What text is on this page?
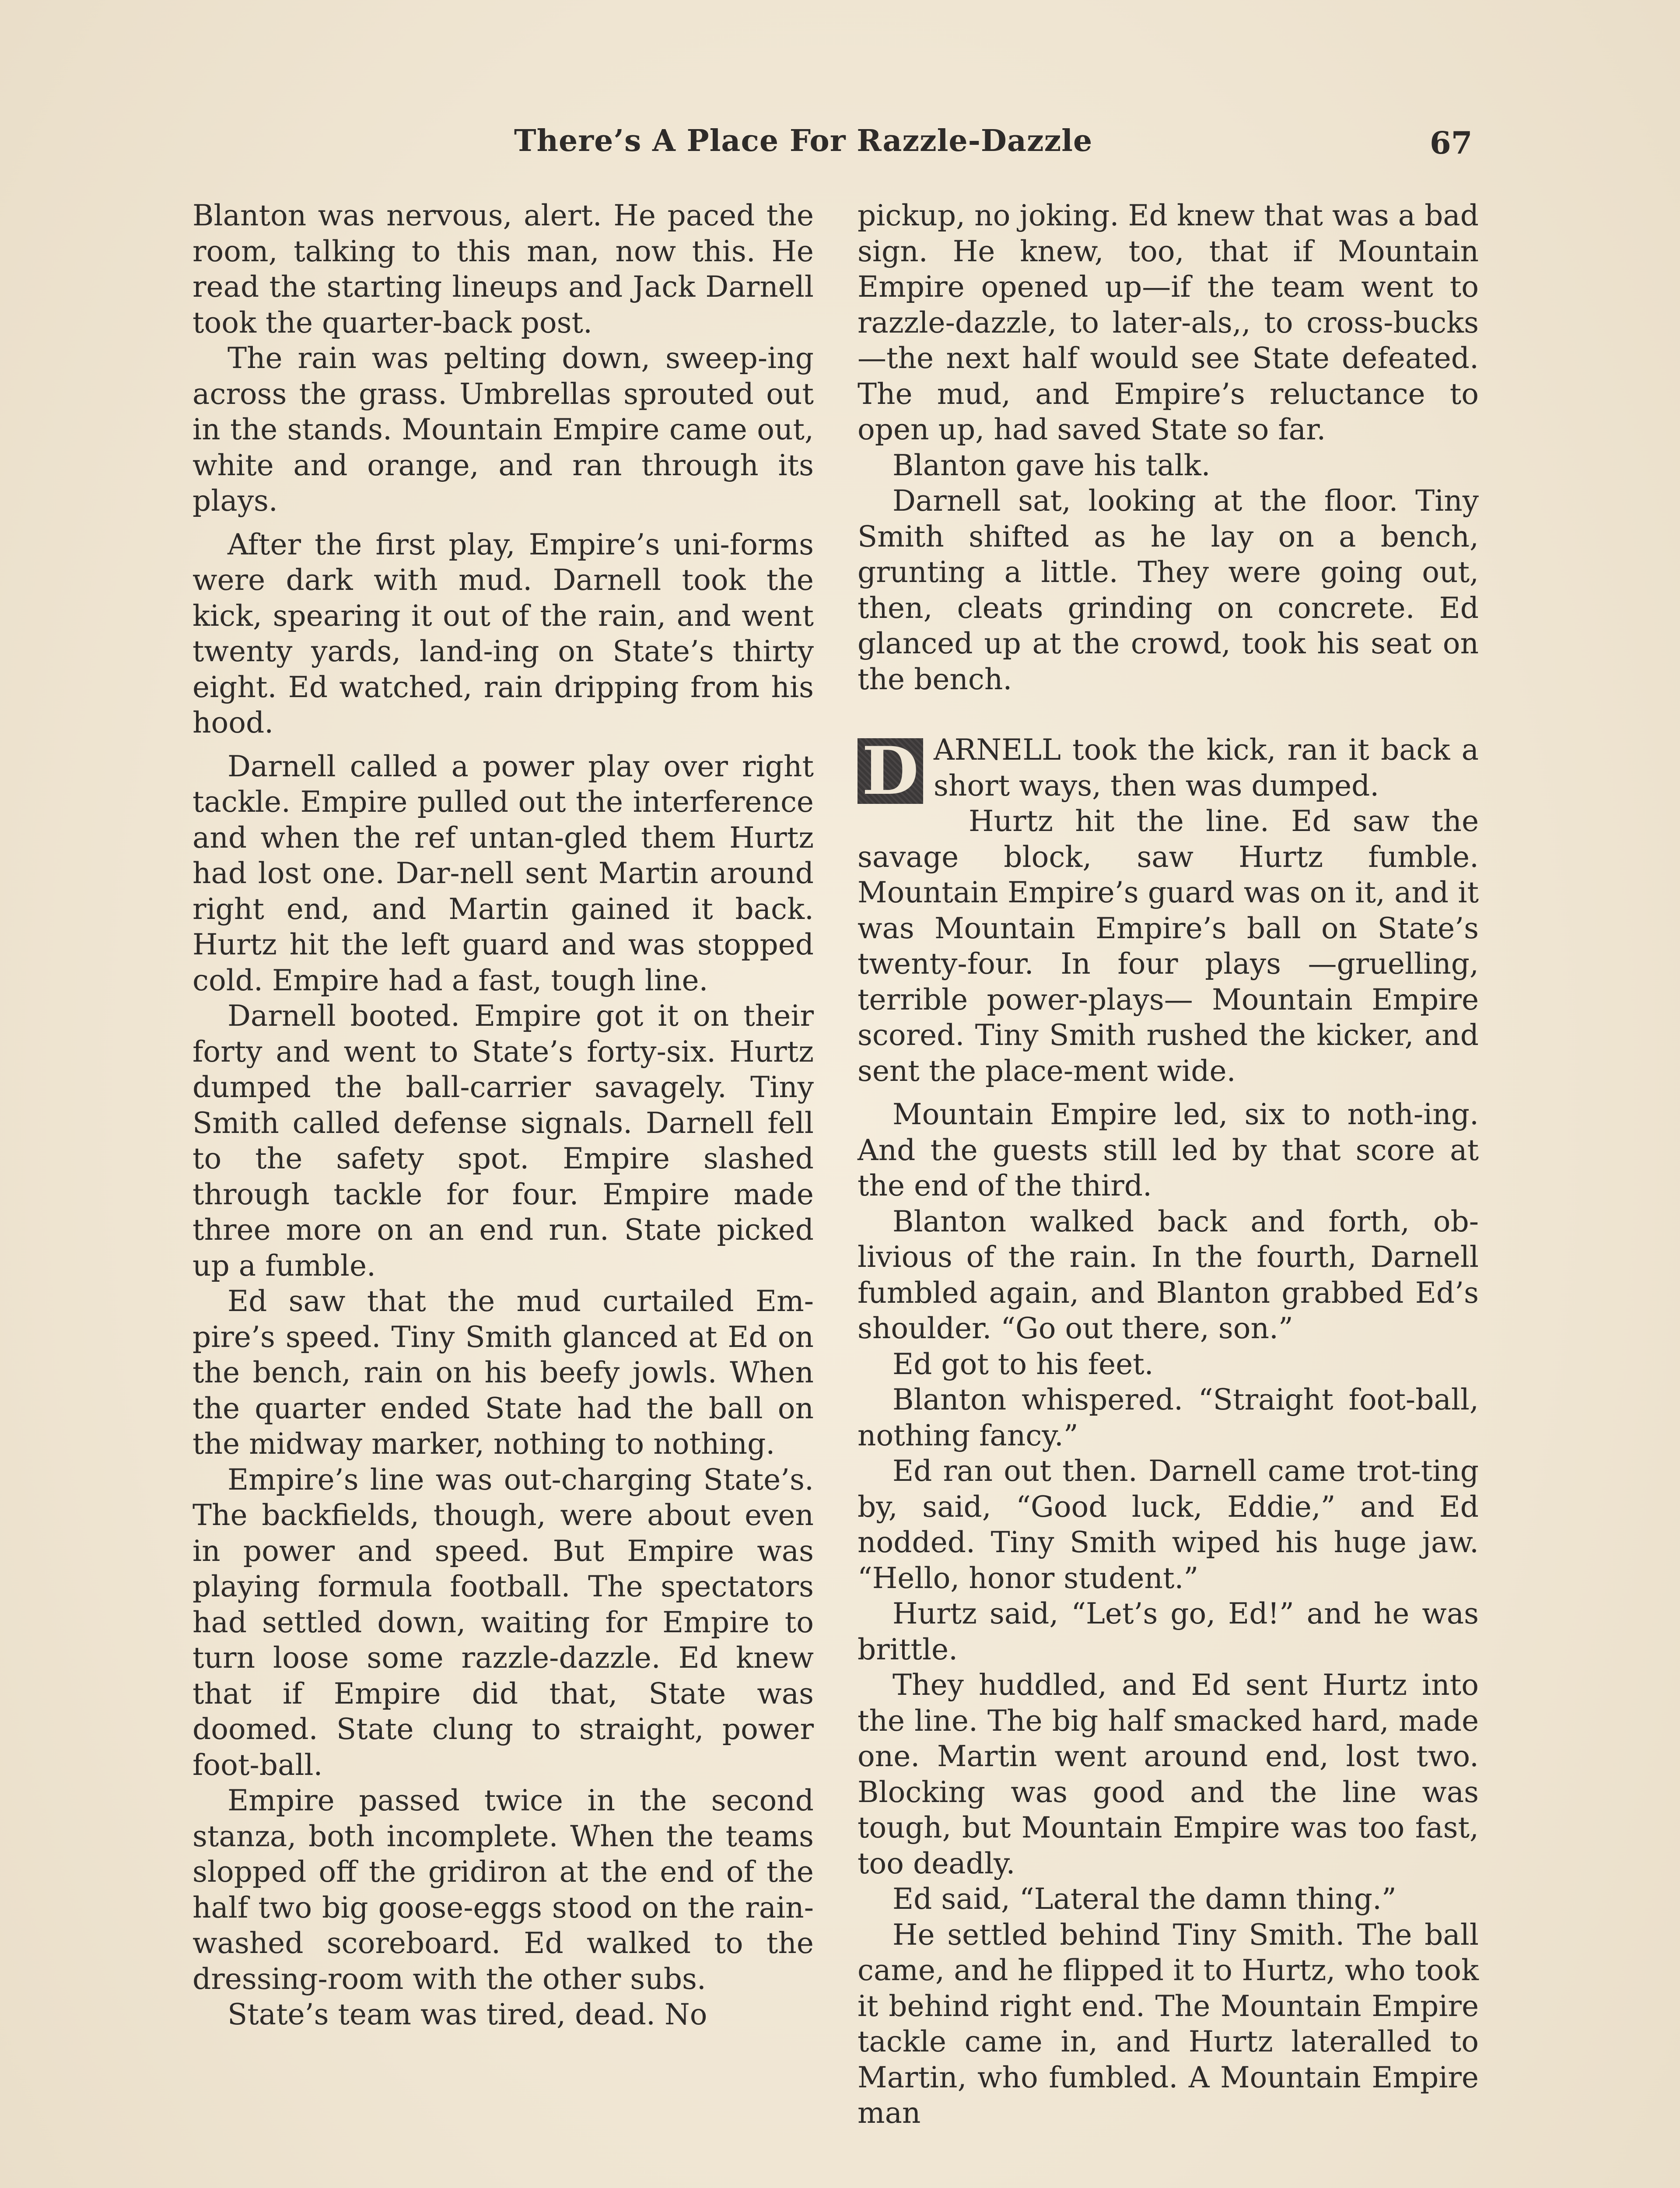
There’s A Place For Razzle-Dazzle	67

Blanton was nervous, alert. He paced the room, talking to this man, now this. He read the starting lineups and Jack Darnell took the quarter-back post.

The rain was pelting down, sweep-ing across the grass. Umbrellas sprouted out in the stands. Mountain Empire came out, white and orange, and ran through its plays.

After the first play, Empire’s uni-forms were dark with mud. Darnell took the kick, spearing it out of the rain, and went twenty yards, land-ing on State’s thirty eight. Ed watched, rain dripping from his hood.

Darnell called a power play over right tackle. Empire pulled out the interference and when the ref untan-gled them Hurtz had lost one. Dar-nell sent Martin around right end, and Martin gained it back. Hurtz hit the left guard and was stopped cold. Empire had a fast, tough line.

Darnell booted. Empire got it on their forty and went to State’s forty-six. Hurtz dumped the ball-carrier savagely. Tiny Smith called defense signals. Darnell fell to the safety spot. Empire slashed through tackle for four. Empire made three more on an end run. State picked up a fumble.

Ed saw that the mud curtailed Em-pire’s speed. Tiny Smith glanced at Ed on the bench, rain on his beefy jowls. When the quarter ended State had the ball on the midway marker, nothing to nothing.

Empire’s line was out-charging State’s. The backfields, though, were about even in power and speed. But Empire was playing formula football. The spectators had settled down, waiting for Empire to turn loose some razzle-dazzle. Ed knew that if Empire did that, State was doomed. State clung to straight, power foot-ball.

Empire passed twice in the second stanza, both incomplete. When the teams slopped off the gridiron at the end of the half two big goose-eggs stood on the rain-washed scoreboard. Ed walked to the dressing-room with the other subs.

State’s team was tired, dead. No

pickup, no joking. Ed knew that was a bad sign. He knew, too, that if Mountain Empire opened up—if the team went to razzle-dazzle, to later-als,, to cross-bucks—the next half would see State defeated. The mud, and Empire’s reluctance to open up, had saved State so far.

Blanton gave his talk.

Darnell sat, looking at the floor. Tiny Smith shifted as he lay on a bench, grunting a little. They were going out, then, cleats grinding on concrete. Ed glanced up at the crowd, took his seat on the bench.

D ARNELL took the kick, ran it back a short ways, then was dumped.

Hurtz hit the line. Ed saw the savage block, saw Hurtz fumble. Mountain Empire’s guard was on it, and it was Mountain Empire’s ball on State’s twenty-four. In four plays —gruelling, terrible power-plays— Mountain Empire scored. Tiny Smith rushed the kicker, and sent the place-ment wide.

Mountain Empire led, six to noth-ing. And the guests still led by that score at the end of the third.

Blanton walked back and forth, ob-livious of the rain. In the fourth, Darnell fumbled again, and Blanton grabbed Ed’s shoulder. “Go out there, son.”

Ed got to his feet.

Blanton whispered. “Straight foot-ball, nothing fancy.”

Ed ran out then. Darnell came trot-ting by, said, “Good luck, Eddie,” and Ed nodded. Tiny Smith wiped his huge jaw. “Hello, honor student.”

Hurtz said, “Let’s go, Ed!” and he was brittle.

They huddled, and Ed sent Hurtz into the line. The big half smacked hard, made one. Martin went around end, lost two. Blocking was good and the line was tough, but Mountain Empire was too fast, too deadly.

Ed said, “Lateral the damn thing.”

He settled behind Tiny Smith. The ball came, and he flipped it to Hurtz, who took it behind right end. The Mountain Empire tackle came in, and Hurtz lateralled to Martin, who fumbled. A Mountain Empire man
